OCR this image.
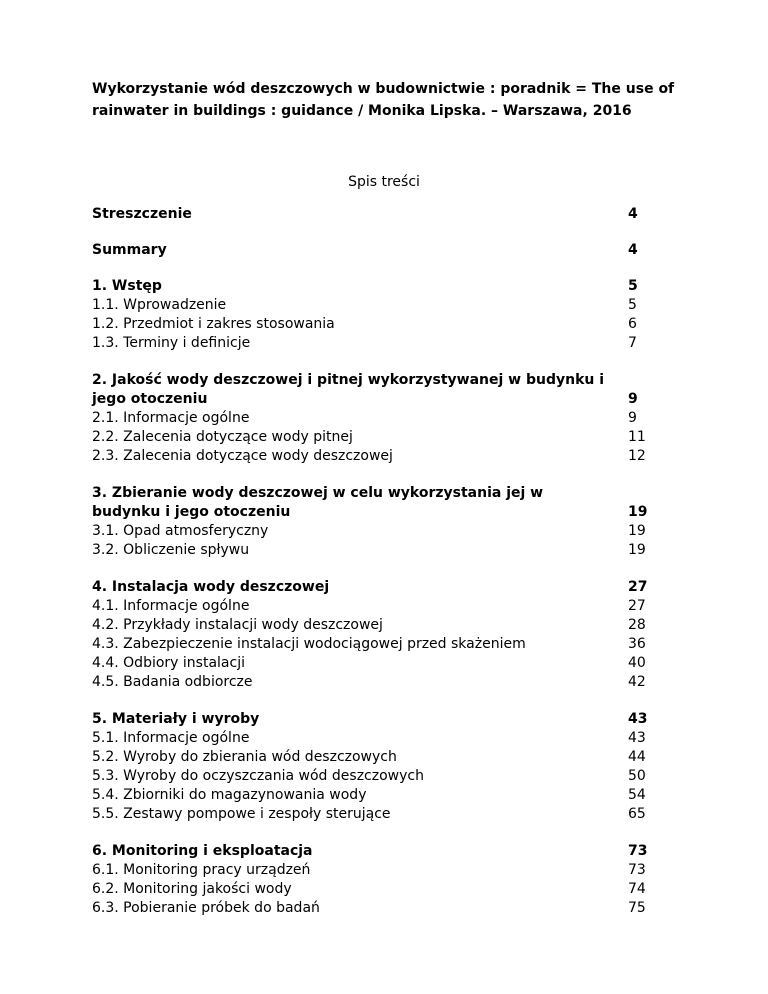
Wykorzystanie wód deszczowych w budownictwie : poradnik = The use of rainwater in buildings : guidance / Monika Lipska. – Warszawa, 2016
Spis treści
Streszczenie	4
Summary	4
1. Wstęp	5
1.1. Wprowadzenie	5
1.2. Przedmiot i zakres stosowania	6
1.3. Terminy i definicje	7
2. Jakość wody deszczowej i pitnej wykorzystywanej w budynku i jego otoczeniu	9
2.1. Informacje ogólne	9
2.2. Zalecenia dotyczące wody pitnej	11
2.3. Zalecenia dotyczące wody deszczowej	12
3. Zbieranie wody deszczowej w celu wykorzystania jej w budynku i jego otoczeniu	19
3.1. Opad atmosferyczny	19
3.2. Obliczenie spływu	19
4. Instalacja wody deszczowej	27
4.1. Informacje ogólne	27
4.2. Przykłady instalacji wody deszczowej	28
4.3. Zabezpieczenie instalacji wodociągowej przed skażeniem	36
4.4. Odbiory instalacji	40
4.5. Badania odbiorcze	42
5. Materiały i wyroby	43
5.1. Informacje ogólne	43
5.2. Wyroby do zbierania wód deszczowych	44
5.3. Wyroby do oczyszczania wód deszczowych	50
5.4. Zbiorniki do magazynowania wody	54
5.5. Zestawy pompowe i zespoły sterujące	65
6. Monitoring i eksploatacja	73
6.1. Monitoring pracy urządzeń	73
6.2. Monitoring jakości wody	74
6.3. Pobieranie próbek do badań	75
